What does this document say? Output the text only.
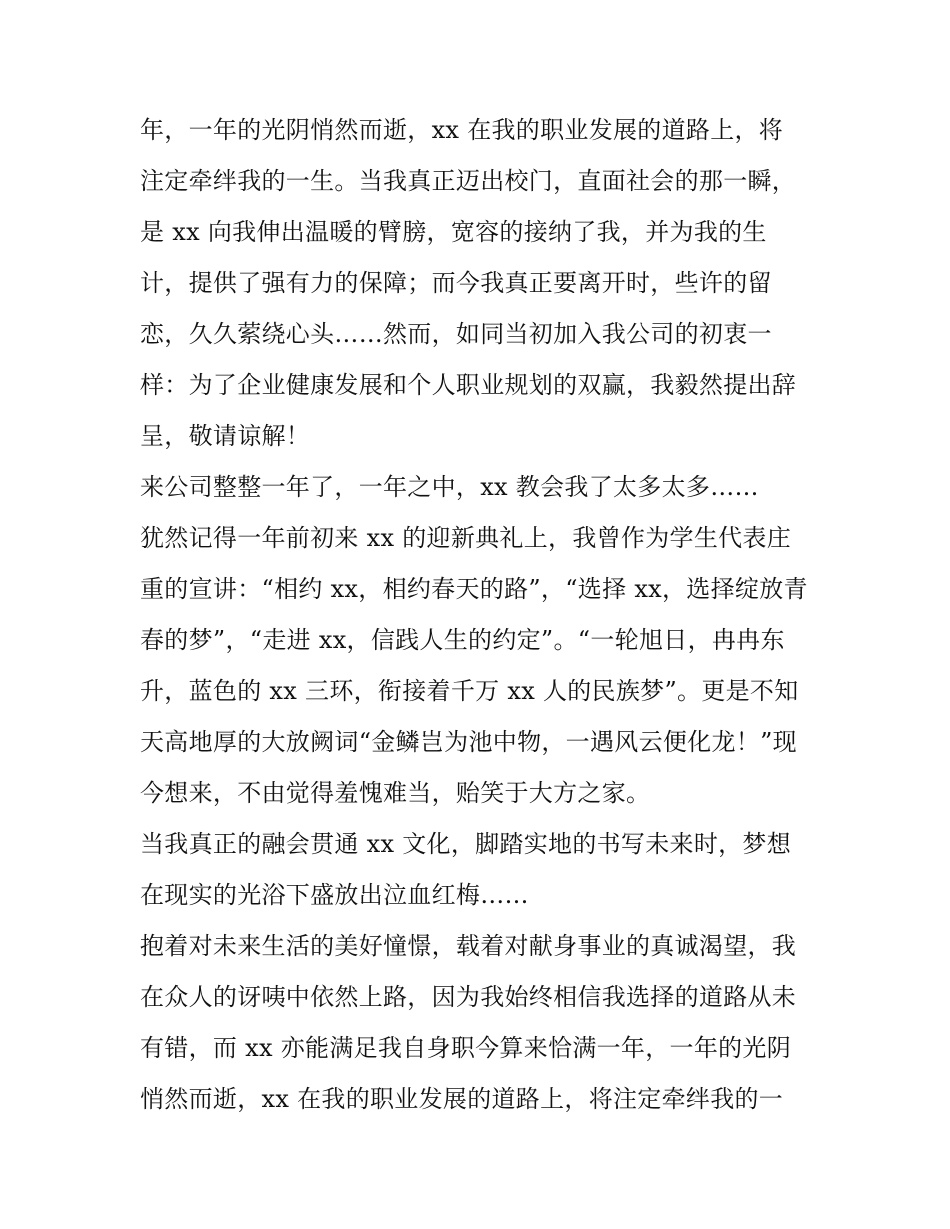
年，一年的光阴悄然而逝，xx 在我的职业发展的道路上，将
注定牵绊我的一生。当我真正迈出校门，直面社会的那一瞬，
是 xx 向我伸出温暖的臂膀，宽容的接纳了我，并为我的生
计，提供了强有力的保障；而今我真正要离开时，些许的留
恋，久久萦绕心头……然而，如同当初加入我公司的初衷一
样：为了企业健康发展和个人职业规划的双赢，我毅然提出辞
呈，敬请谅解！
来公司整整一年了，一年之中，xx 教会我了太多太多……
犹然记得一年前初来 xx 的迎新典礼上，我曾作为学生代表庄
重的宣讲：“相约 xx，相约春天的路”，“选择 xx，选择绽放青
春的梦”，“走进 xx，信践人生的约定”。“一轮旭日，冉冉东
升，蓝色的 xx 三环，衔接着千万 xx 人的民族梦”。更是不知
天高地厚的大放阙词“金鳞岂为池中物，一遇风云便化龙！”现
今想来，不由觉得羞愧难当，贻笑于大方之家。
当我真正的融会贯通 xx 文化，脚踏实地的书写未来时，梦想
在现实的光浴下盛放出泣血红梅……
抱着对未来生活的美好憧憬，载着对献身事业的真诚渴望，我
在众人的讶咦中依然上路，因为我始终相信我选择的道路从未
有错，而 xx 亦能满足我自身职今算来恰满一年，一年的光阴
悄然而逝，xx 在我的职业发展的道路上，将注定牵绊我的一
